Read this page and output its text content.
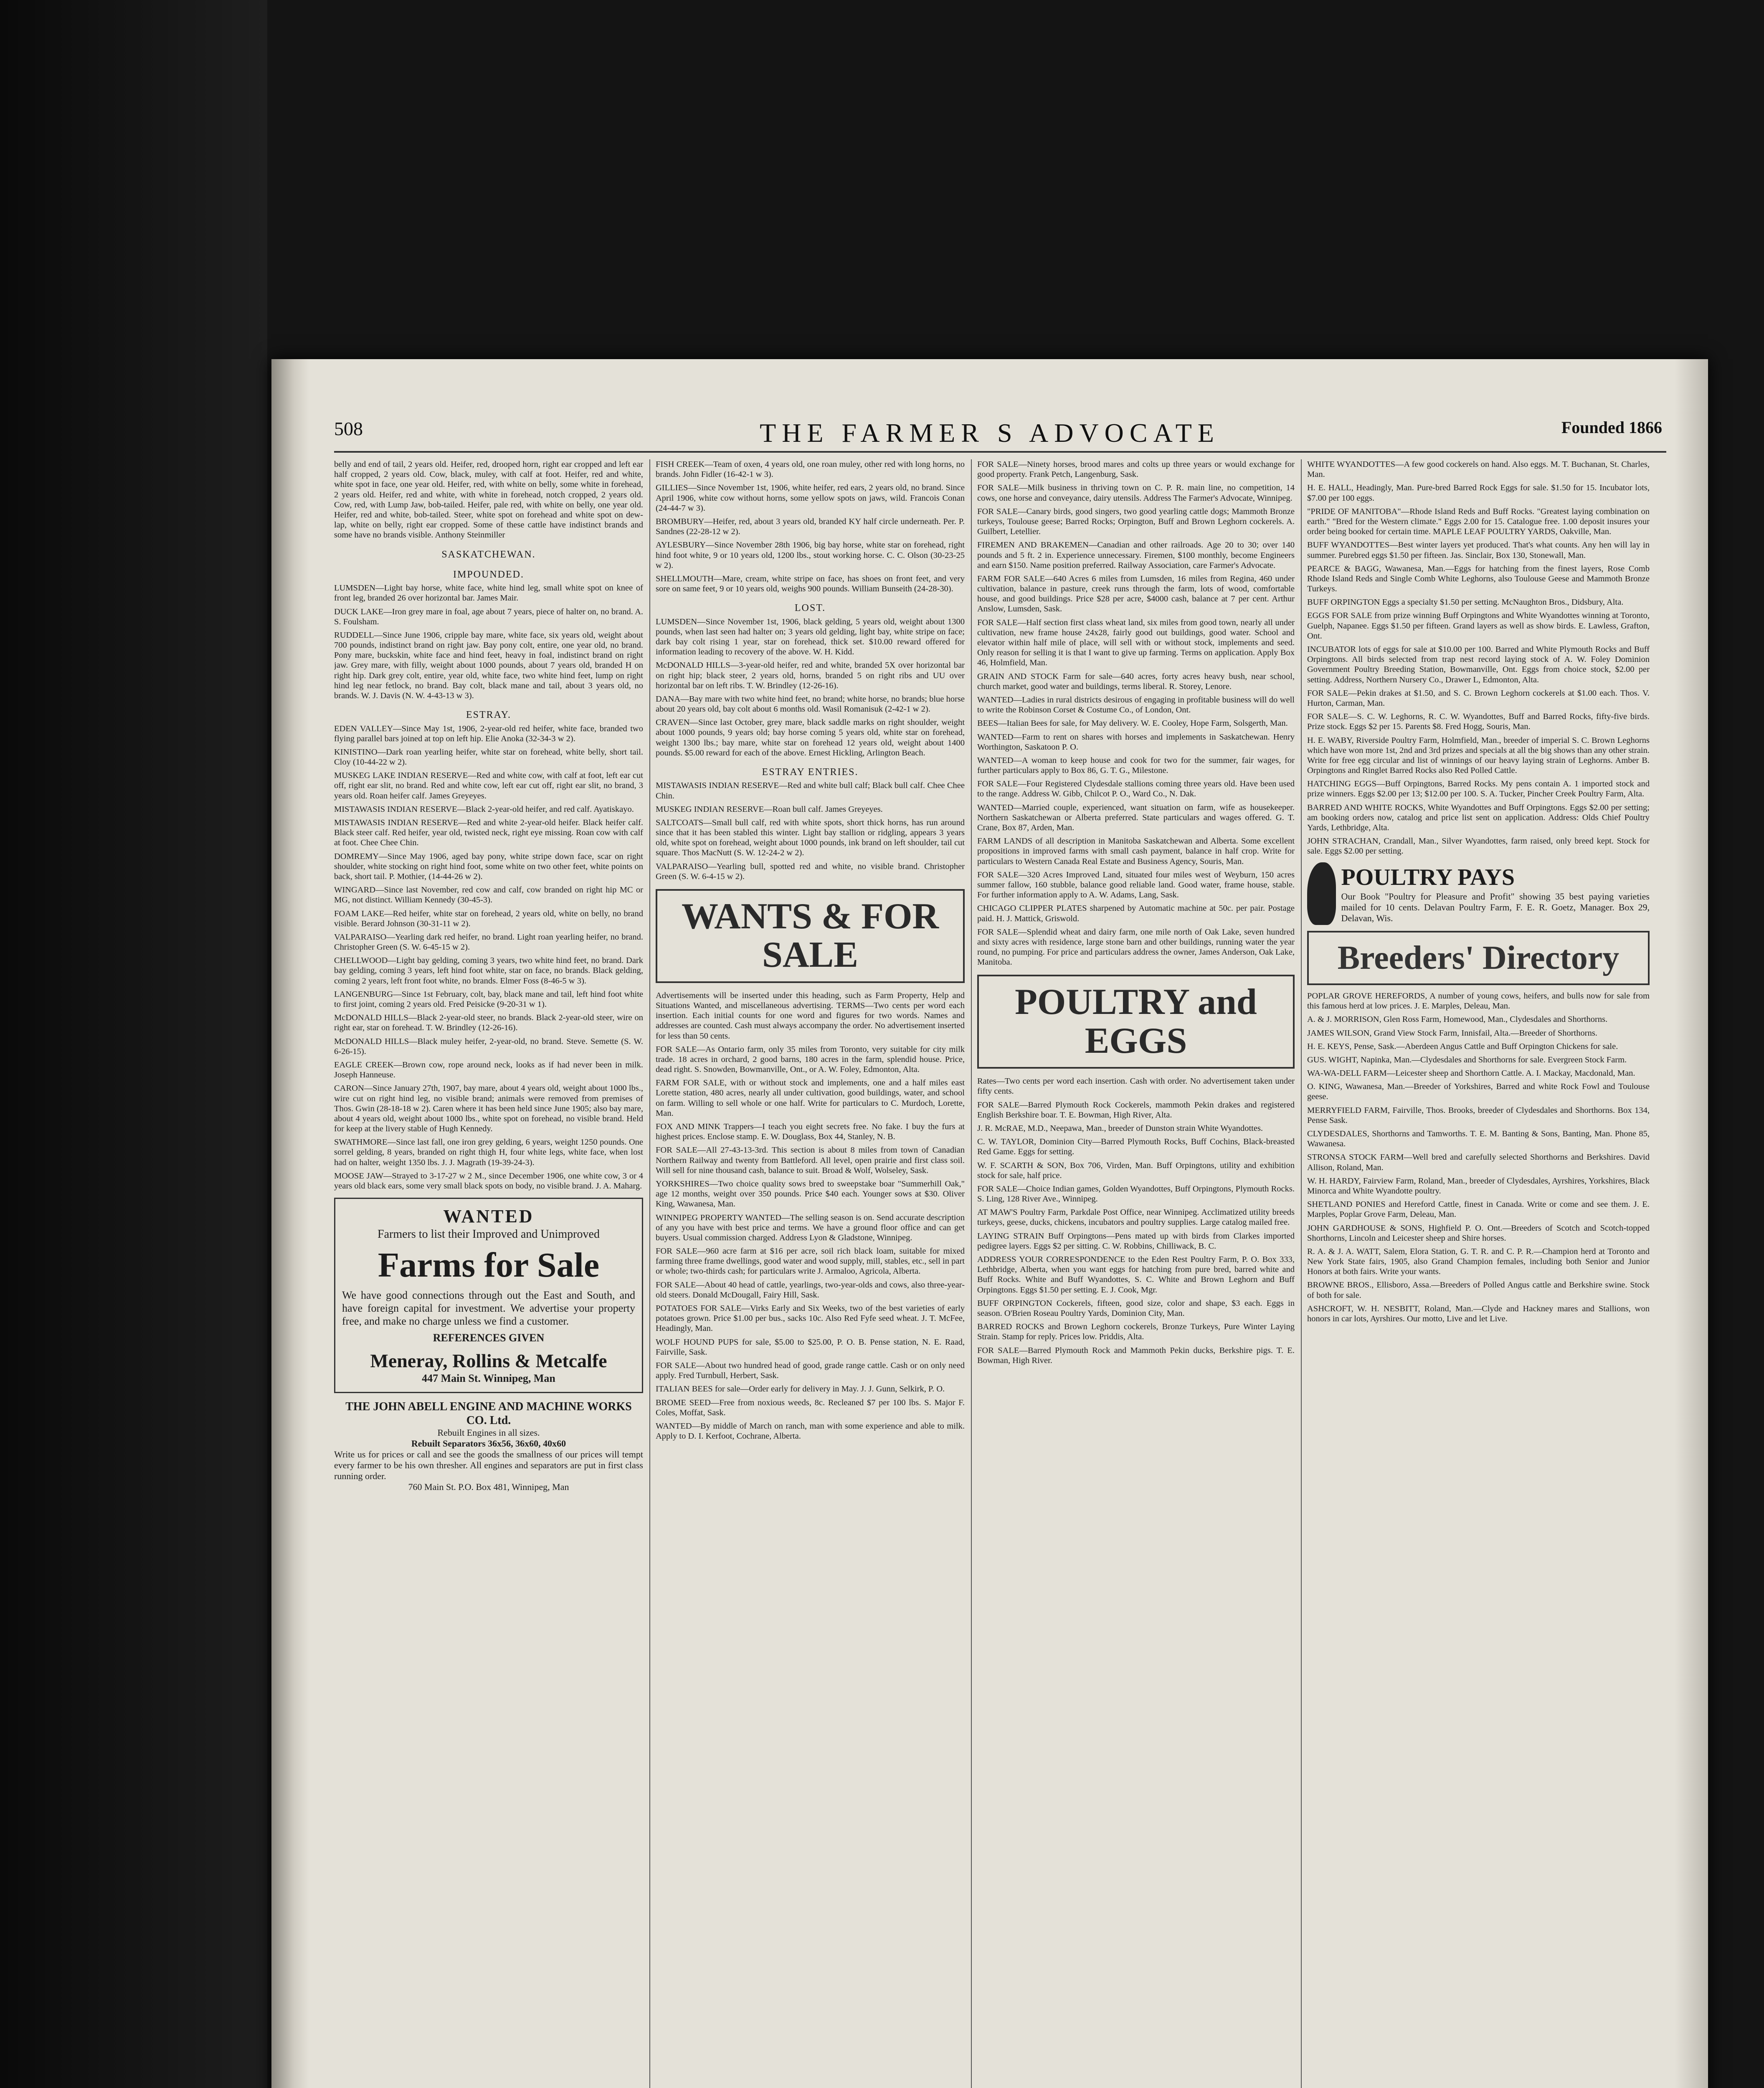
508	THE FARMER S ADVOCATE	Founded 1866

belly and end of tail, 2 years old. Heifer, red, drooped horn, right ear cropped and left ear half cropped, 2 years old. Cow, black, muley, with calf at foot. Heifer, red and white, white spot in face, one year old. Heifer, red, with white on belly, some white in forehead, 2 years old. Heifer, red and white, with white in forehead, notch cropped, 2 years old. Cow, red, with Lump Jaw, bob-tailed. Heifer, pale red, with white on belly, one year old. Heifer, red and white, bob-tailed. Steer, white spot on forehead and white spot on dew-lap, white on belly, right ear cropped. Some of these cattle have indistinct brands and some have no brands visible. Anthony Steinmiller

SASKATCHEWAN.
IMPOUNDED.

LUMSDEN—Light bay horse, white face, white hind leg, small white spot on knee of front leg, branded 26 over horizontal bar. James Mair.

DUCK LAKE—Iron grey mare in foal, age about 7 years, piece of halter on, no brand. A. S. Foulsham.

RUDDELL—Since June 1906, cripple bay mare, white face, six years old, weight about 700 pounds, indistinct brand on right jaw. Bay pony colt, entire, one year old, no brand. Pony mare, buckskin, white face and hind feet, heavy in foal, indistinct brand on right jaw. Grey mare, with filly, weight about 1000 pounds, about 7 years old, branded H on right hip. Dark grey colt, entire, year old, white face, two white hind feet, lump on right hind leg near fetlock, no brand. Bay colt, black mane and tail, about 3 years old, no brands. W. J. Davis (N. W. 4-43-13 w 3).

ESTRAY.

EDEN VALLEY—Since May 1st, 1906, 2-year-old red heifer, white face, branded two flying parallel bars joined at top on left hip. Elie Anoka (32-34-3 w 2).

KINISTINO—Dark roan yearling heifer, white star on forehead, white belly, short tail. Cloy (10-44-22 w 2).

MUSKEG LAKE INDIAN RESERVE—Red and white cow, with calf at foot, left ear cut off, right ear slit, no brand. Red and white cow, left ear cut off, right ear slit, no brand, 3 years old. Roan heifer calf. James Greyeyes.

MISTAWASIS INDIAN RESERVE—Black 2-year-old heifer, and red calf. Ayatiskayo.

MISTAWASIS INDIAN RESERVE—Red and white 2-year-old heifer. Black heifer calf. Black steer calf. Red heifer, year old, twisted neck, right eye missing. Roan cow with calf at foot. Chee Chee Chin.

DOMREMY—Since May 1906, aged bay pony, white stripe down face, scar on right shoulder, white stocking on right hind foot, some white on two other feet, white points on back, short tail. P. Mothier, (14-44-26 w 2).

WINGARD—Since last November, red cow and calf, cow branded on right hip MC or MG, not distinct. William Kennedy (30-45-3).

FOAM LAKE—Red heifer, white star on forehead, 2 years old, white on belly, no brand visible. Berard Johnson (30-31-11 w 2).

VALPARAISO—Yearling dark red heifer, no brand. Light roan yearling heifer, no brand. Christopher Green (S. W. 6-45-15 w 2).

CHELLWOOD—Light bay gelding, coming 3 years, two white hind feet, no brand. Dark bay gelding, coming 3 years, left hind foot white, star on face, no brands. Black gelding, coming 2 years, left front foot white, no brands. Elmer Foss (8-46-5 w 3).

LANGENBURG—Since 1st February, colt, bay, black mane and tail, left hind foot white to first joint, coming 2 years old. Fred Peisicke (9-20-31 w 1).

McDONALD HILLS—Black 2-year-old steer, no brands. Black 2-year-old steer, wire on right ear, star on forehead. T. W. Brindley (12-26-16).

McDONALD HILLS—Black muley heifer, 2-year-old, no brand. Steve. Semette (S. W. 6-26-15).

EAGLE CREEK—Brown cow, rope around neck, looks as if had never been in milk. Joseph Hanneuse.

CARON—Since January 27th, 1907, bay mare, about 4 years old, weight about 1000 lbs., wire cut on right hind leg, no visible brand; animals were removed from premises of Thos. Gwin (28-18-18 w 2). Caren where it has been held since June 1905; also bay mare, about 4 years old, weight about 1000 lbs., white spot on forehead, no visible brand. Held for keep at the livery stable of Hugh Kennedy.

SWATHMORE—Since last fall, one iron grey gelding, 6 years, weight 1250 pounds. One sorrel gelding, 8 years, branded on right thigh H, four white legs, white face, when lost had on halter, weight 1350 lbs. J. J. Magrath (19-39-24-3).

MOOSE JAW—Strayed to 3-17-27 w 2 M., since December 1906, one white cow, 3 or 4 years old black ears, some very small black spots on body, no visible brand. J. A. Maharg.

WANTED
Farmers to list their Improved and Unimproved
Farms for Sale
We have good connections through out the East and South, and have foreign capital for investment. We advertise your property free, and make no charge unless we find a customer.
REFERENCES GIVEN
Meneray, Rollins & Metcalfe
447 Main St. Winnipeg, Man
THE JOHN ABELL ENGINE AND MACHINE WORKS CO. Ltd.
Rebuilt Engines in all sizes.
Rebuilt Separators 36x56, 36x60, 40x60
Write us for prices or call and see the goods the smallness of our prices will tempt every farmer to be his own thresher. All engines and separators are put in first class running order.
760 Main St. P.O. Box 481, Winnipeg, Man

FISH CREEK—Team of oxen, 4 years old, one roan muley, other red with long horns, no brands. John Fidler (16-42-1 w 3).

GILLIES—Since November 1st, 1906, white heifer, red ears, 2 years old, no brand. Since April 1906, white cow without horns, some yellow spots on jaws, wild. Francois Conan (24-44-7 w 3).

BROMBURY—Heifer, red, about 3 years old, branded KY half circle underneath. Per. P. Sandnes (22-28-12 w 2).

AYLESBURY—Since November 28th 1906, big bay horse, white star on forehead, right hind foot white, 9 or 10 years old, 1200 lbs., stout working horse. C. C. Olson (30-23-25 w 2).

SHELLMOUTH—Mare, cream, white stripe on face, has shoes on front feet, and very sore on same feet, 9 or 10 years old, weighs 900 pounds. William Bunseith (24-28-30).

LOST.

LUMSDEN—Since November 1st, 1906, black gelding, 5 years old, weight about 1300 pounds, when last seen had halter on; 3 years old gelding, light bay, white stripe on face; dark bay colt rising 1 year, star on forehead, thick set. $10.00 reward offered for information leading to recovery of the above. W. H. Kidd.

McDONALD HILLS—3-year-old heifer, red and white, branded 5X over horizontal bar on right hip; black steer, 2 years old, horns, branded 5 on right ribs and UU over horizontal bar on left ribs. T. W. Brindley (12-26-16).

DANA—Bay mare with two white hind feet, no brand; white horse, no brands; blue horse about 20 years old, bay colt about 6 months old. Wasil Romanisuk (2-42-1 w 2).

CRAVEN—Since last October, grey mare, black saddle marks on right shoulder, weight about 1000 pounds, 9 years old; bay horse coming 5 years old, white star on forehead, weight 1300 lbs.; bay mare, white star on forehead 12 years old, weight about 1400 pounds. $5.00 reward for each of the above. Ernest Hickling, Arlington Beach.

ESTRAY ENTRIES.

MISTAWASIS INDIAN RESERVE—Red and white bull calf; Black bull calf. Chee Chee Chin.

MUSKEG INDIAN RESERVE—Roan bull calf. James Greyeyes.

SALTCOATS—Small bull calf, red with white spots, short thick horns, has run around since that it has been stabled this winter. Light bay stallion or ridgling, appears 3 years old, white spot on forehead, weight about 1000 pounds, ink brand on left shoulder, tail cut square. Thos MacNutt (S. W. 12-24-2 w 2).

VALPARAISO—Yearling bull, spotted red and white, no visible brand. Christopher Green (S. W. 6-4-15 w 2).

WANTS & FOR SALE

Advertisements will be inserted under this heading, such as Farm Property, Help and Situations Wanted, and miscellaneous advertising. TERMS—Two cents per word each insertion. Each initial counts for one word and figures for two words. Names and addresses are counted. Cash must always accompany the order. No advertisement inserted for less than 50 cents.

FOR SALE—As Ontario farm, only 35 miles from Toronto, very suitable for city milk trade. 18 acres in orchard, 2 good barns, 180 acres in the farm, splendid house. Price, dead right. S. Snowden, Bowmanville, Ont., or A. W. Foley, Edmonton, Alta.

FARM FOR SALE, with or without stock and implements, one and a half miles east Lorette station, 480 acres, nearly all under cultivation, good buildings, water, and school on farm. Willing to sell whole or one half. Write for particulars to C. Murdoch, Lorette, Man.

FOX AND MINK Trappers—I teach you eight secrets free. No fake. I buy the furs at highest prices. Enclose stamp. E. W. Douglass, Box 44, Stanley, N. B.

FOR SALE—All 27-43-13-3rd. This section is about 8 miles from town of Canadian Northern Railway and twenty from Battleford. All level, open prairie and first class soil. Will sell for nine thousand cash, balance to suit. Broad & Wolf, Wolseley, Sask.

YORKSHIRES—Two choice quality sows bred to sweepstake boar "Summerhill Oak," age 12 months, weight over 350 pounds. Price $40 each. Younger sows at $30. Oliver King, Wawanesa, Man.

WINNIPEG PROPERTY WANTED—The selling season is on. Send accurate description of any you have with best price and terms. We have a ground floor office and can get buyers. Usual commission charged. Address Lyon & Gladstone, Winnipeg.

FOR SALE—960 acre farm at $16 per acre, soil rich black loam, suitable for mixed farming three frame dwellings, good water and wood supply, mill, stables, etc., sell in part or whole; two-thirds cash; for particulars write J. Armaloo, Agricola, Alberta.

FOR SALE—About 40 head of cattle, yearlings, two-year-olds and cows, also three-year-old steers. Donald McDougall, Fairy Hill, Sask.

POTATOES FOR SALE—Virks Early and Six Weeks, two of the best varieties of early potatoes grown. Price $1.00 per bus., sacks 10c. Also Red Fyfe seed wheat. J. T. McFee, Headingly, Man.

WOLF HOUND PUPS for sale, $5.00 to $25.00, P. O. B. Pense station, N. E. Raad, Fairville, Sask.

FOR SALE—About two hundred head of good, grade range cattle. Cash or on only need apply. Fred Turnbull, Herbert, Sask.

ITALIAN BEES for sale—Order early for delivery in May. J. J. Gunn, Selkirk, P. O.

BROME SEED—Free from noxious weeds, 8c. Recleaned $7 per 100 lbs. S. Major F. Coles, Moffat, Sask.

WANTED—By middle of March on ranch, man with some experience and able to milk. Apply to D. I. Kerfoot, Cochrane, Alberta.

FOR SALE—Ninety horses, brood mares and colts up three years or would exchange for good property. Frank Petch, Langenburg, Sask.

FOR SALE—Milk business in thriving town on C. P. R. main line, no competition, 14 cows, one horse and conveyance, dairy utensils. Address The Farmer's Advocate, Winnipeg.

FOR SALE—Canary birds, good singers, two good yearling cattle dogs; Mammoth Bronze turkeys, Toulouse geese; Barred Rocks; Orpington, Buff and Brown Leghorn cockerels. A. Guilbert, Letellier.

FIREMEN AND BRAKEMEN—Canadian and other railroads. Age 20 to 30; over 140 pounds and 5 ft. 2 in. Experience unnecessary. Firemen, $100 monthly, become Engineers and earn $150. Name position preferred. Railway Association, care Farmer's Advocate.

FARM FOR SALE—640 Acres 6 miles from Lumsden, 16 miles from Regina, 460 under cultivation, balance in pasture, creek runs through the farm, lots of wood, comfortable house, and good buildings. Price $28 per acre, $4000 cash, balance at 7 per cent. Arthur Anslow, Lumsden, Sask.

FOR SALE—Half section first class wheat land, six miles from good town, nearly all under cultivation, new frame house 24x28, fairly good out buildings, good water. School and elevator within half mile of place, will sell with or without stock, implements and seed. Only reason for selling it is that I want to give up farming. Terms on application. Apply Box 46, Holmfield, Man.

GRAIN AND STOCK Farm for sale—640 acres, forty acres heavy bush, near school, church market, good water and buildings, terms liberal. R. Storey, Lenore.

WANTED—Ladies in rural districts desirous of engaging in profitable business will do well to write the Robinson Corset & Costume Co., of London, Ont.

BEES—Italian Bees for sale, for May delivery. W. E. Cooley, Hope Farm, Solsgerth, Man.

WANTED—Farm to rent on shares with horses and implements in Saskatchewan. Henry Worthington, Saskatoon P. O.

WANTED—A woman to keep house and cook for two for the summer, fair wages, for further particulars apply to Box 86, G. T. G., Milestone.

FOR SALE—Four Registered Clydesdale stallions coming three years old. Have been used to the range. Address W. Gibb, Chilcot P. O., Ward Co., N. Dak.

WANTED—Married couple, experienced, want situation on farm, wife as housekeeper. Northern Saskatchewan or Alberta preferred. State particulars and wages offered. G. T. Crane, Box 87, Arden, Man.

FARM LANDS of all description in Manitoba Saskatchewan and Alberta. Some excellent propositions in improved farms with small cash payment, balance in half crop. Write for particulars to Western Canada Real Estate and Business Agency, Souris, Man.

FOR SALE—320 Acres Improved Land, situated four miles west of Weyburn, 150 acres summer fallow, 160 stubble, balance good reliable land. Good water, frame house, stable. For further information apply to A. W. Adams, Lang, Sask.

CHICAGO CLIPPER PLATES sharpened by Automatic machine at 50c. per pair. Postage paid. H. J. Mattick, Griswold.

FOR SALE—Splendid wheat and dairy farm, one mile north of Oak Lake, seven hundred and sixty acres with residence, large stone barn and other buildings, running water the year round, no pumping. For price and particulars address the owner, James Anderson, Oak Lake, Manitoba.

POULTRY and EGGS

Rates—Two cents per word each insertion. Cash with order. No advertisement taken under fifty cents.

FOR SALE—Barred Plymouth Rock Cockerels, mammoth Pekin drakes and registered English Berkshire boar. T. E. Bowman, High River, Alta.

J. R. McRAE, M.D., Neepawa, Man., breeder of Dunston strain White Wyandottes.

C. W. TAYLOR, Dominion City—Barred Plymouth Rocks, Buff Cochins, Black-breasted Red Game. Eggs for setting.

W. F. SCARTH & SON, Box 706, Virden, Man. Buff Orpingtons, utility and exhibition stock for sale, half price.

FOR SALE—Choice Indian games, Golden Wyandottes, Buff Orpingtons, Plymouth Rocks. S. Ling, 128 River Ave., Winnipeg.

AT MAW'S Poultry Farm, Parkdale Post Office, near Winnipeg. Acclimatized utility breeds turkeys, geese, ducks, chickens, incubators and poultry supplies. Large catalog mailed free.

LAYING STRAIN Buff Orpingtons—Pens mated up with birds from Clarkes imported pedigree layers. Eggs $2 per sitting. C. W. Robbins, Chilliwack, B. C.

ADDRESS YOUR CORRESPONDENCE to the Eden Rest Poultry Farm, P. O. Box 333, Lethbridge, Alberta, when you want eggs for hatching from pure bred, barred white and Buff Rocks. White and Buff Wyandottes, S. C. White and Brown Leghorn and Buff Orpingtons. Eggs $1.50 per setting. E. J. Cook, Mgr.

BUFF ORPINGTON Cockerels, fifteen, good size, color and shape, $3 each. Eggs in season. O'Brien Roseau Poultry Yards, Dominion City, Man.

BARRED ROCKS and Brown Leghorn cockerels, Bronze Turkeys, Pure Winter Laying Strain. Stamp for reply. Prices low. Priddis, Alta.

FOR SALE—Barred Plymouth Rock and Mammoth Pekin ducks, Berkshire pigs. T. E. Bowman, High River.

WHITE WYANDOTTES—A few good cockerels on hand. Also eggs. M. T. Buchanan, St. Charles, Man.

H. E. HALL, Headingly, Man. Pure-bred Barred Rock Eggs for sale. $1.50 for 15. Incubator lots, $7.00 per 100 eggs.

"PRIDE OF MANITOBA"—Rhode Island Reds and Buff Rocks. "Greatest laying combination on earth." "Bred for the Western climate." Eggs 2.00 for 15. Catalogue free. 1.00 deposit insures your order being booked for certain time. MAPLE LEAF POULTRY YARDS, Oakville, Man.

BUFF WYANDOTTES—Best winter layers yet produced. That's what counts. Any hen will lay in summer. Purebred eggs $1.50 per fifteen. Jas. Sinclair, Box 130, Stonewall, Man.

PEARCE & BAGG, Wawanesa, Man.—Eggs for hatching from the finest layers, Rose Comb Rhode Island Reds and Single Comb White Leghorns, also Toulouse Geese and Mammoth Bronze Turkeys.

BUFF ORPINGTON Eggs a specialty $1.50 per setting. McNaughton Bros., Didsbury, Alta.

EGGS FOR SALE from prize winning Buff Orpingtons and White Wyandottes winning at Toronto, Guelph, Napanee. Eggs $1.50 per fifteen. Grand layers as well as show birds. E. Lawless, Grafton, Ont.

INCUBATOR lots of eggs for sale at $10.00 per 100. Barred and White Plymouth Rocks and Buff Orpingtons. All birds selected from trap nest record laying stock of A. W. Foley Dominion Government Poultry Breeding Station, Bowmanville, Ont. Eggs from choice stock, $2.00 per setting. Address, Northern Nursery Co., Drawer L, Edmonton, Alta.

FOR SALE—Pekin drakes at $1.50, and S. C. Brown Leghorn cockerels at $1.00 each. Thos. V. Hurton, Carman, Man.

FOR SALE—S. C. W. Leghorns, R. C. W. Wyandottes, Buff and Barred Rocks, fifty-five birds. Prize stock. Eggs $2 per 15. Parents $8. Fred Hogg, Souris, Man.

H. E. WABY, Riverside Poultry Farm, Holmfield, Man., breeder of imperial S. C. Brown Leghorns which have won more 1st, 2nd and 3rd prizes and specials at all the big shows than any other strain. Write for free egg circular and list of winnings of our heavy laying strain of Leghorns. Amber B. Orpingtons and Ringlet Barred Rocks also Red Polled Cattle.

HATCHING EGGS—Buff Orpingtons, Barred Rocks. My pens contain A. 1 imported stock and prize winners. Eggs $2.00 per 13; $12.00 per 100. S. A. Tucker, Pincher Creek Poultry Farm, Alta.

BARRED AND WHITE ROCKS, White Wyandottes and Buff Orpingtons. Eggs $2.00 per setting; am booking orders now, catalog and price list sent on application. Address: Olds Chief Poultry Yards, Lethbridge, Alta.

JOHN STRACHAN, Crandall, Man., Silver Wyandottes, farm raised, only breed kept. Stock for sale. Eggs $2.00 per setting.

POULTRY PAYS
Our Book "Poultry for Pleasure and Profit" showing 35 best paying varieties mailed for 10 cents. Delavan Poultry Farm, F. E. R. Goetz, Manager. Box 29, Delavan, Wis.
Breeders' Directory

POPLAR GROVE HEREFORDS, A number of young cows, heifers, and bulls now for sale from this famous herd at low prices. J. E. Marples, Deleau, Man.

A. & J. MORRISON, Glen Ross Farm, Homewood, Man., Clydesdales and Shorthorns.

JAMES WILSON, Grand View Stock Farm, Innisfail, Alta.—Breeder of Shorthorns.

H. E. KEYS, Pense, Sask.—Aberdeen Angus Cattle and Buff Orpington Chickens for sale.

GUS. WIGHT, Napinka, Man.—Clydesdales and Shorthorns for sale. Evergreen Stock Farm.

WA-WA-DELL FARM—Leicester sheep and Shorthorn Cattle. A. I. Mackay, Macdonald, Man.

O. KING, Wawanesa, Man.—Breeder of Yorkshires, Barred and white Rock Fowl and Toulouse geese.

MERRYFIELD FARM, Fairville, Thos. Brooks, breeder of Clydesdales and Shorthorns. Box 134, Pense Sask.

CLYDESDALES, Shorthorns and Tamworths. T. E. M. Banting & Sons, Banting, Man. Phone 85, Wawanesa.

STRONSA STOCK FARM—Well bred and carefully selected Shorthorns and Berkshires. David Allison, Roland, Man.

W. H. HARDY, Fairview Farm, Roland, Man., breeder of Clydesdales, Ayrshires, Yorkshires, Black Minorca and White Wyandotte poultry.

SHETLAND PONIES and Hereford Cattle, finest in Canada. Write or come and see them. J. E. Marples, Poplar Grove Farm, Deleau, Man.

JOHN GARDHOUSE & SONS, Highfield P. O. Ont.—Breeders of Scotch and Scotch-topped Shorthorns, Lincoln and Leicester sheep and Shire horses.

R. A. & J. A. WATT, Salem, Elora Station, G. T. R. and C. P. R.—Champion herd at Toronto and New York State fairs, 1905, also Grand Champion females, including both Senior and Junior Honors at both fairs. Write your wants.

BROWNE BROS., Ellisboro, Assa.—Breeders of Polled Angus cattle and Berkshire swine. Stock of both for sale.

ASHCROFT, W. H. NESBITT, Roland, Man.—Clyde and Hackney mares and Stallions, won honors in car lots, Ayrshires. Our motto, Live and let Live.
